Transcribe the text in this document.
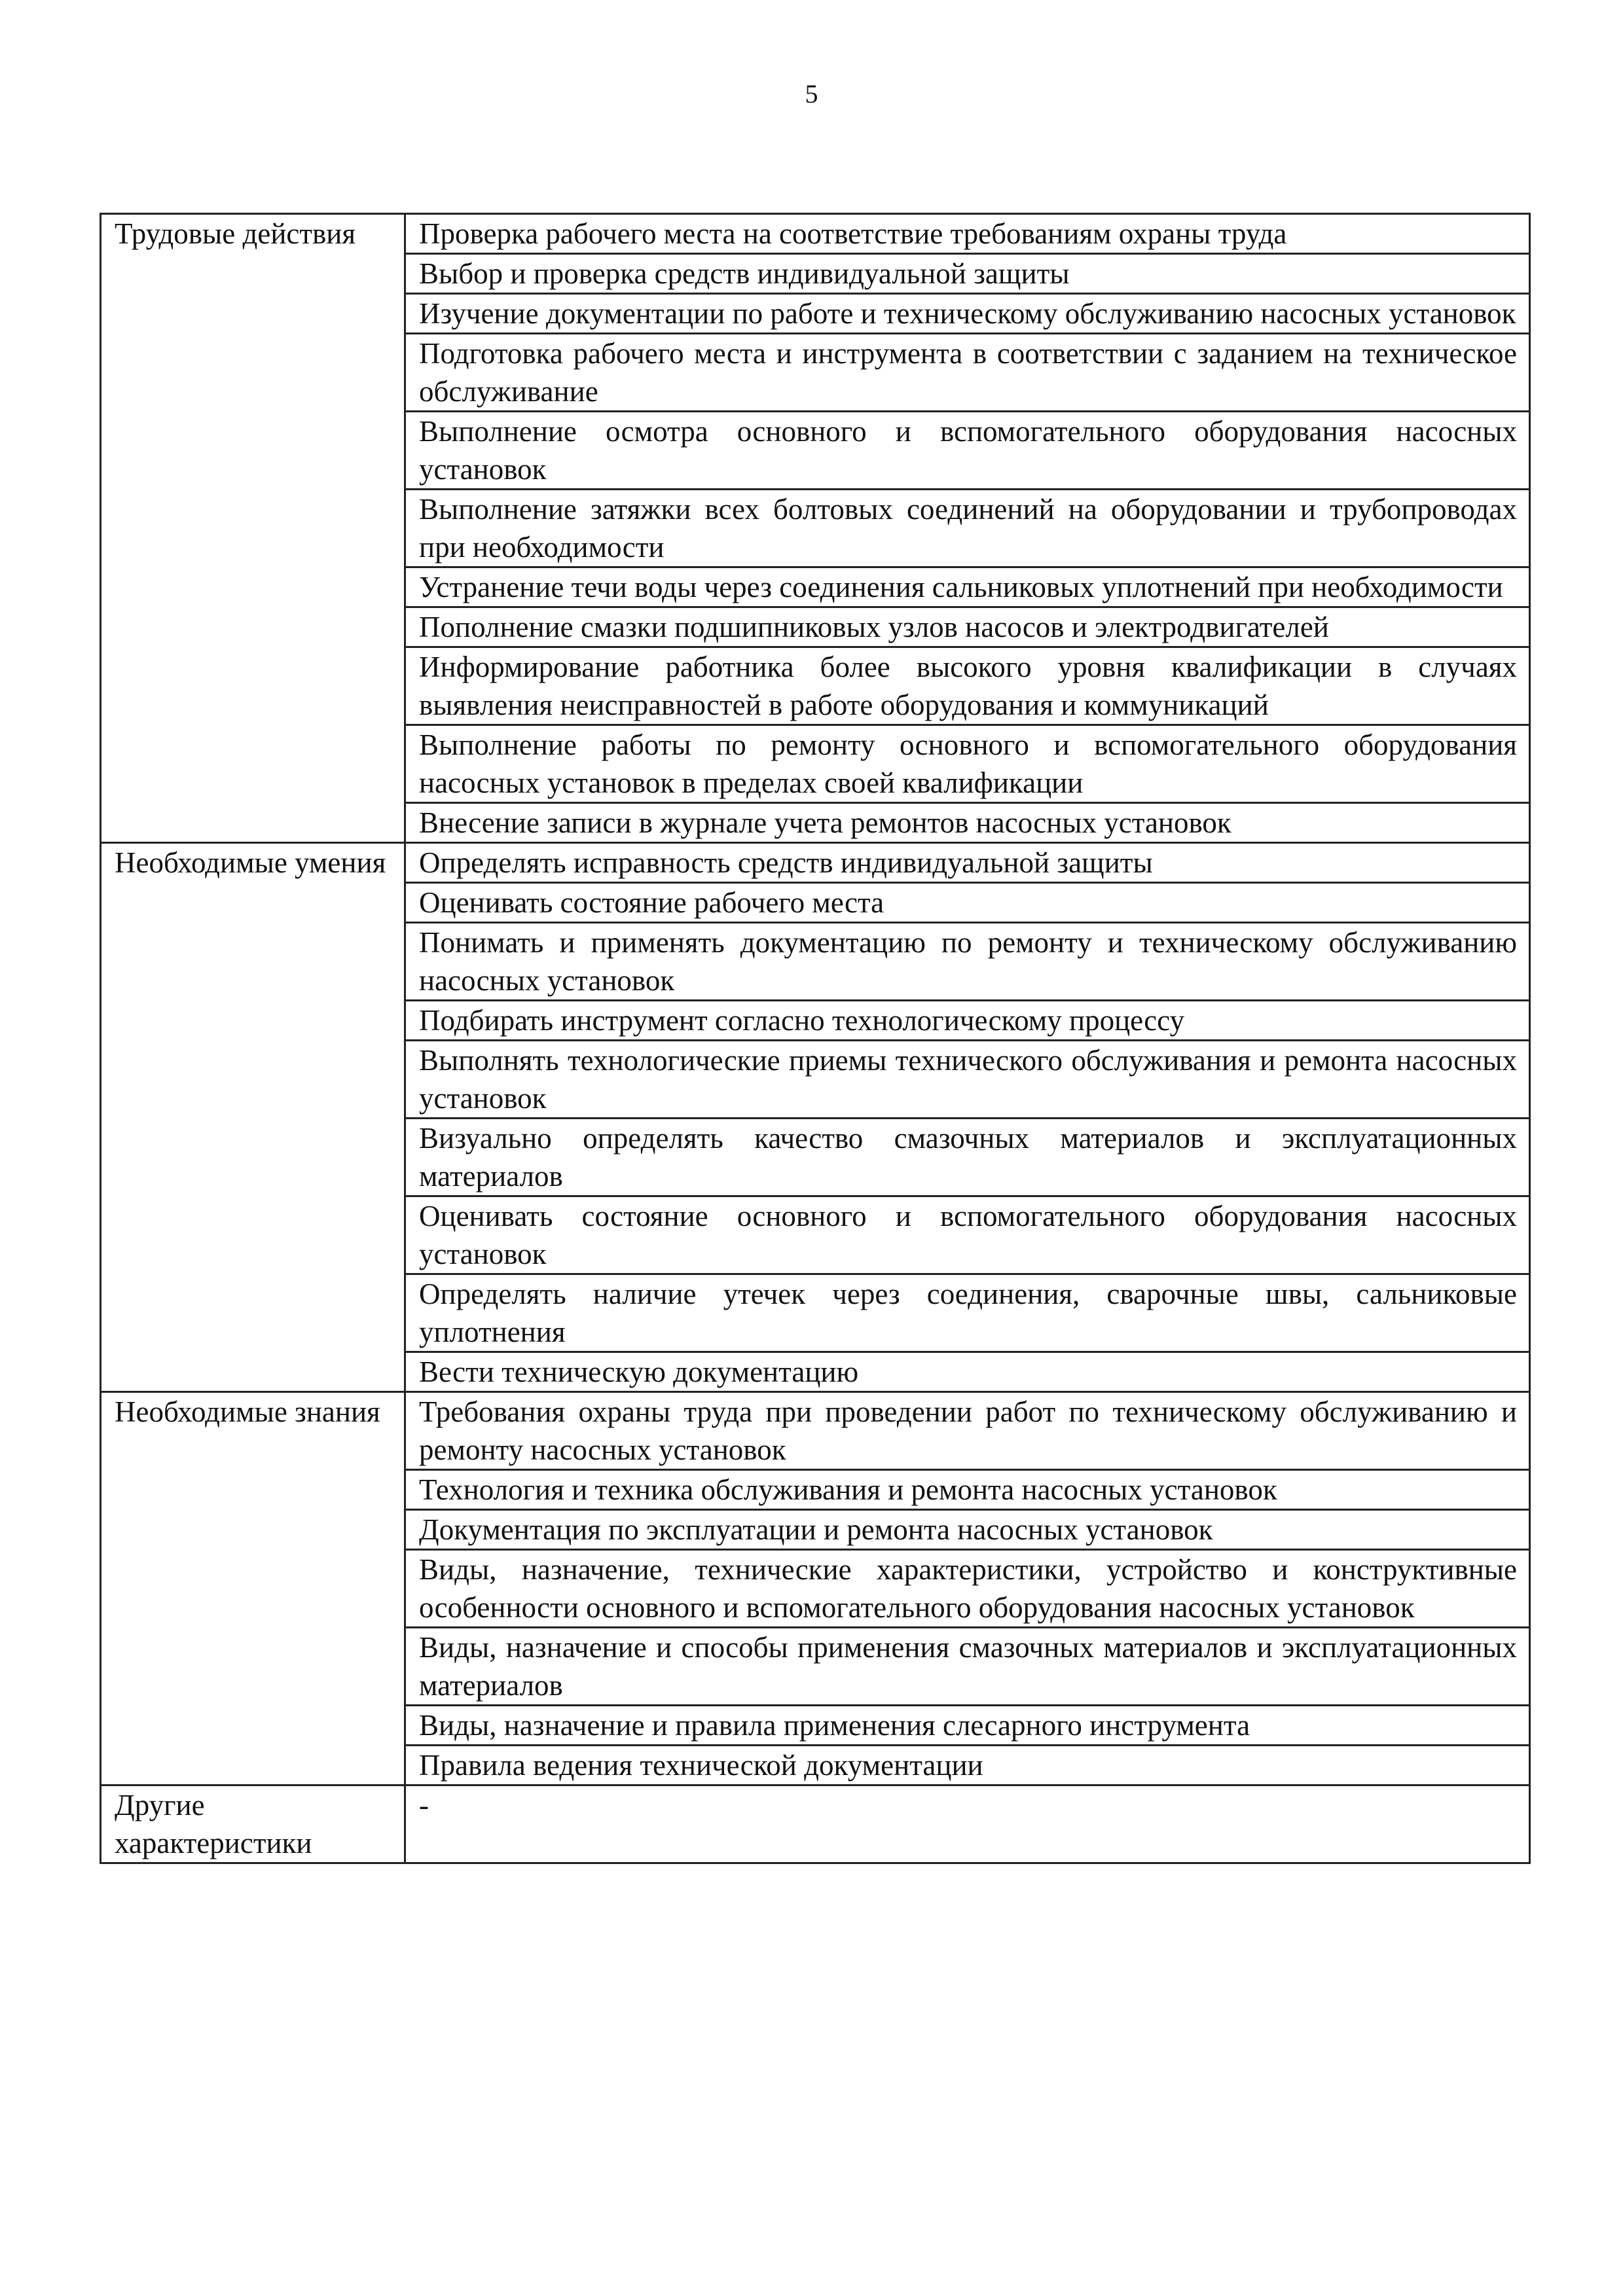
5
Трудовые действия	Проверка рабочего места на соответствие требованиям охраны труда
	Выбор и проверка средств индивидуальной защиты
	Изучение документации по работе и техническому обслуживанию насосных установок
	Подготовка рабочего места и инструмента в соответствии с заданием на техническое обслуживание
	Выполнение осмотра основного и вспомогательного оборудования насосных установок
	Выполнение затяжки всех болтовых соединений на оборудовании и трубопроводах при необходимости
	Устранение течи воды через соединения сальниковых уплотнений при необходимости
	Пополнение смазки подшипниковых узлов насосов и электродвигателей
	Информирование работника более высокого уровня квалификации в случаях выявления неисправностей в работе оборудования и коммуникаций
	Выполнение работы по ремонту основного и вспомогательного оборудования насосных установок в пределах своей квалификации
	Внесение записи в журнале учета ремонтов насосных установок
Необходимые умения	Определять исправность средств индивидуальной защиты
	Оценивать состояние рабочего места
	Понимать и применять документацию по ремонту и техническому обслуживанию насосных установок
	Подбирать инструмент согласно технологическому процессу
	Выполнять технологические приемы технического обслуживания и ремонта насосных установок
	Визуально определять качество смазочных материалов и эксплуатационных материалов
	Оценивать состояние основного и вспомогательного оборудования насосных установок
	Определять наличие утечек через соединения, сварочные швы, сальниковые уплотнения
	Вести техническую документацию
Необходимые знания	Требования охраны труда при проведении работ по техническому обслуживанию и ремонту насосных установок
	Технология и техника обслуживания и ремонта насосных установок
	Документация по эксплуатации и ремонта насосных установок
	Виды, назначение, технические характеристики, устройство и конструктивные особенности основного и вспомогательного оборудования насосных установок
	Виды, назначение и способы применения смазочных материалов и эксплуатационных материалов
	Виды, назначение и правила применения слесарного инструмента
	Правила ведения технической документации
Другие характеристики	-
